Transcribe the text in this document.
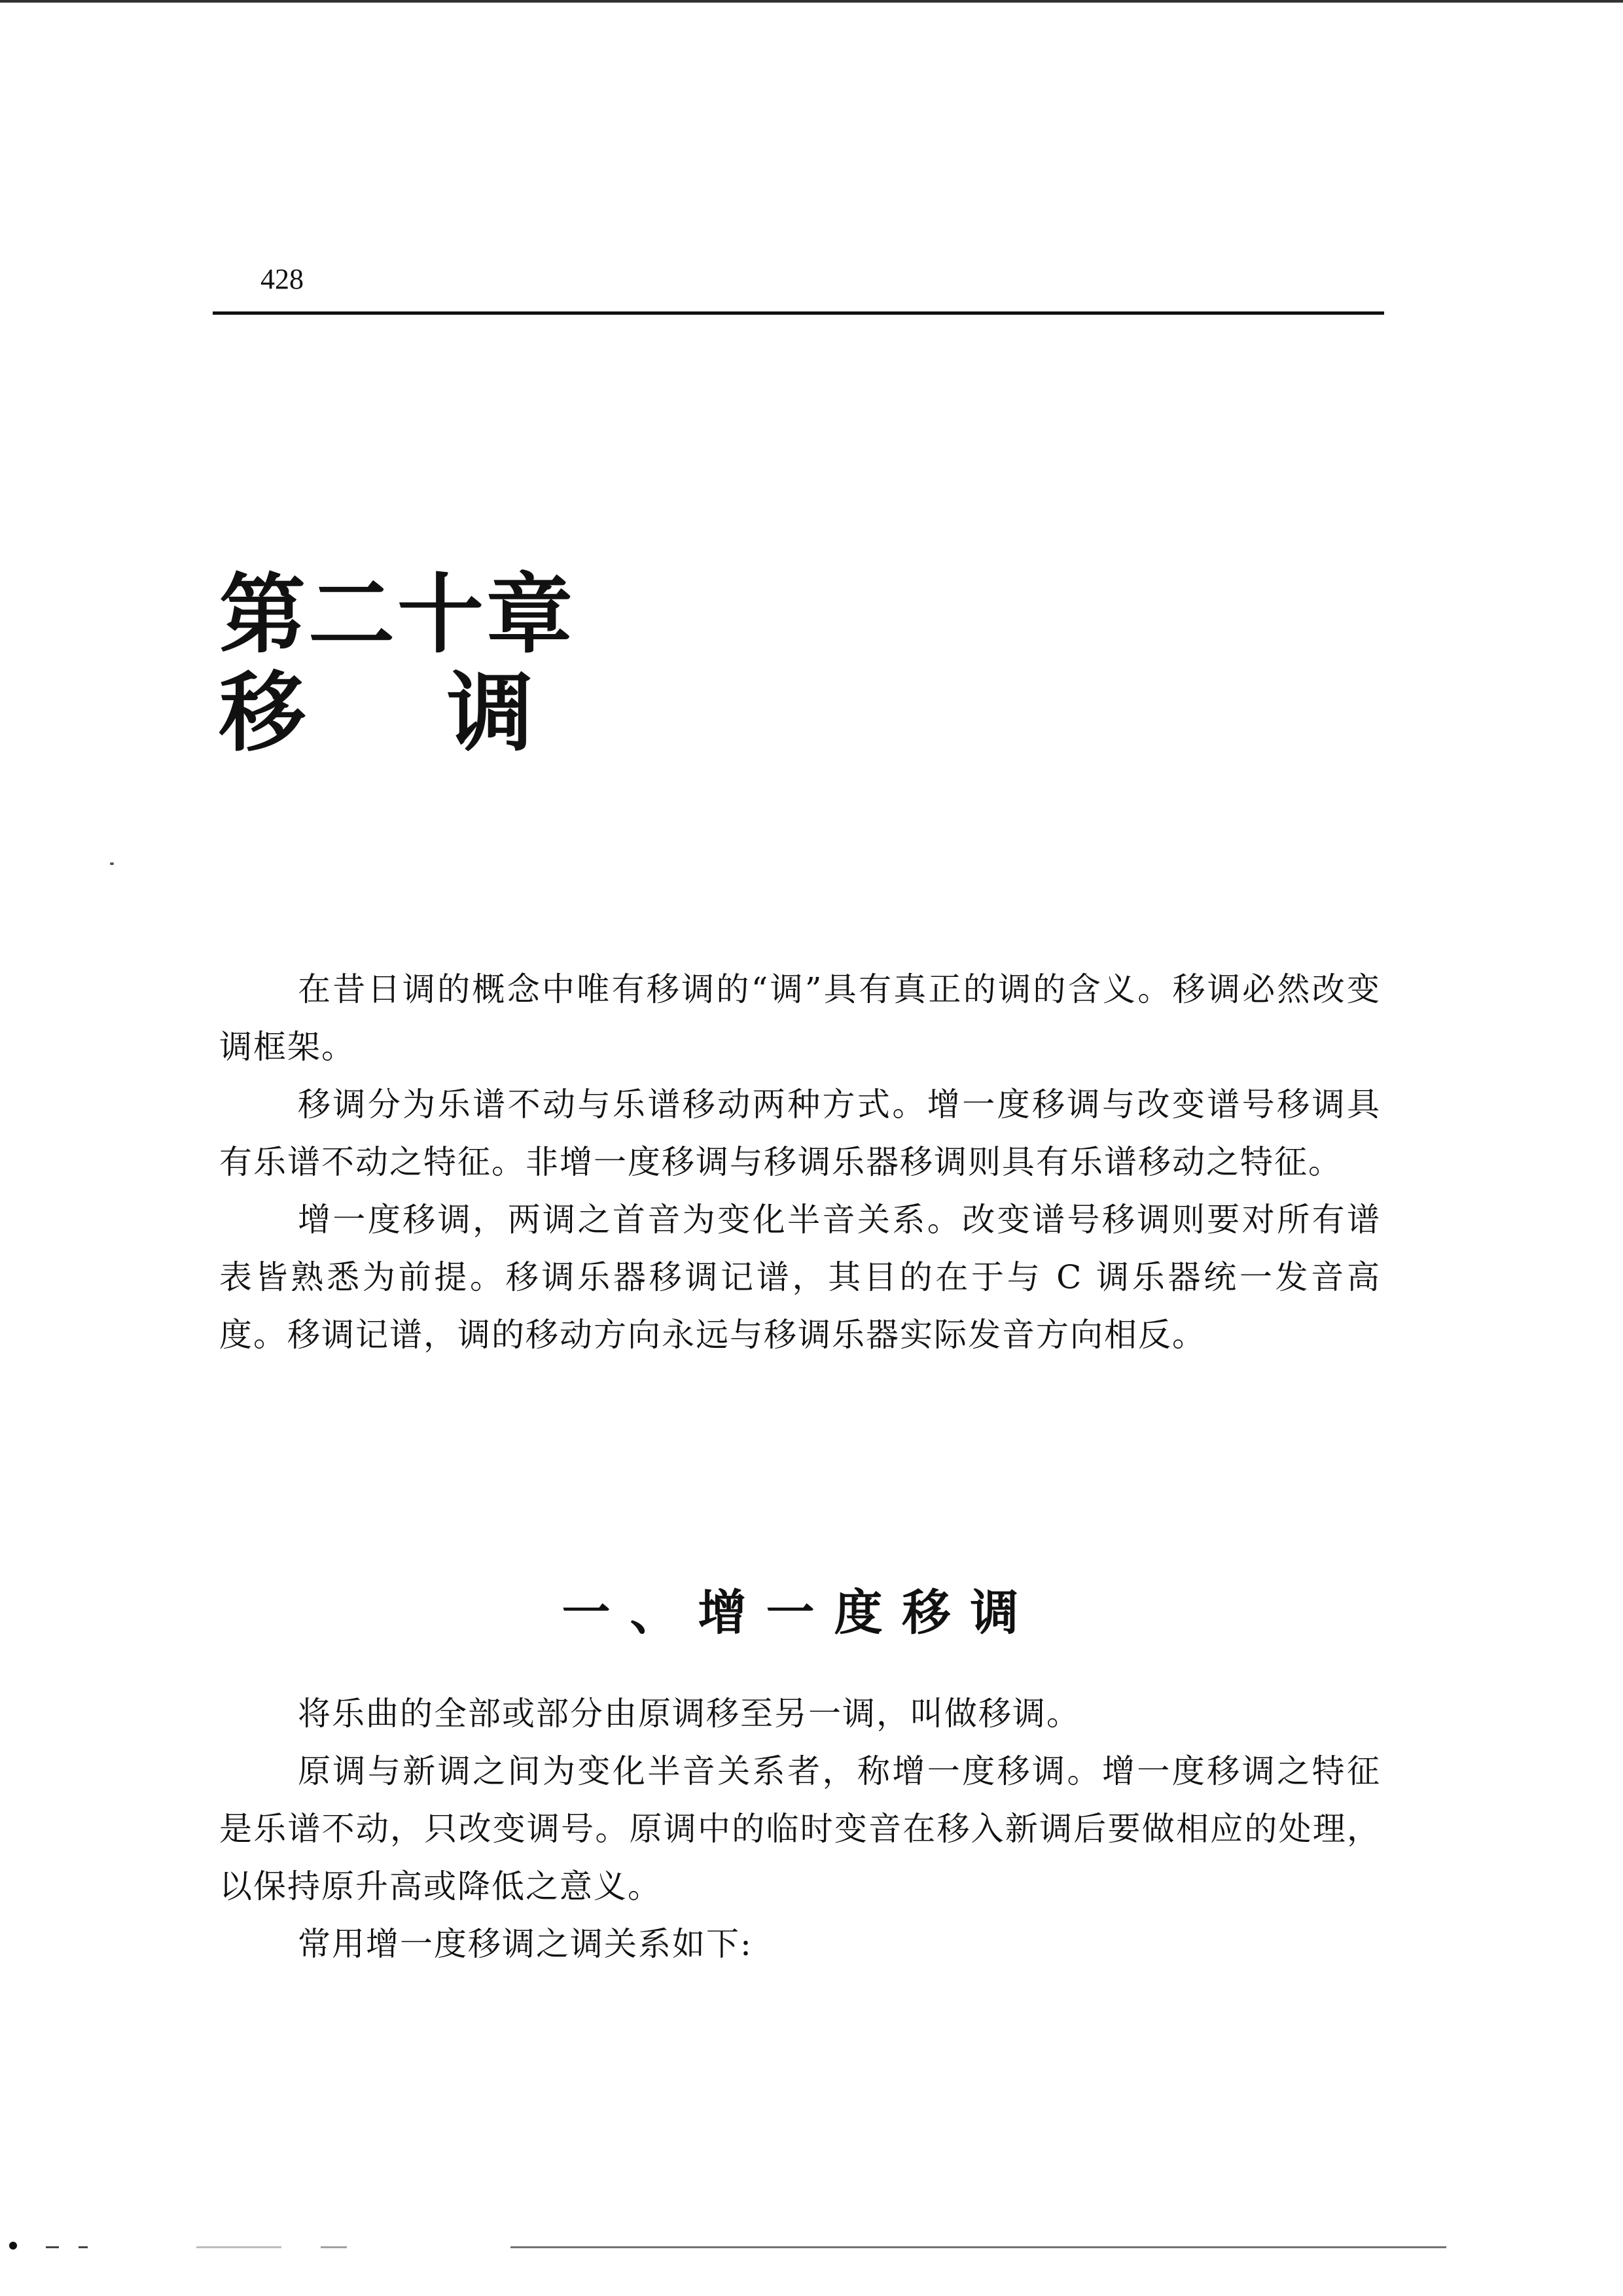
428
第二十章
移调

在昔日调的概念中唯有移调的“调”具有真正的调的含义。移调必然改变调框架。

移调分为乐谱不动与乐谱移动两种方式。增一度移调与改变谱号移调具有乐谱不动之特征。非增一度移调与移调乐器移调则具有乐谱移动之特征。

增一度移调，两调之首音为变化半音关系。改变谱号移调则要对所有谱表皆熟悉为前提。移调乐器移调记谱，其目的在于与 C 调乐器统一发音高度。移调记谱，调的移动方向永远与移调乐器实际发音方向相反。

一、增一度移调

将乐曲的全部或部分由原调移至另一调，叫做移调。

原调与新调之间为变化半音关系者，称增一度移调。增一度移调之特征是乐谱不动，只改变调号。原调中的临时变音在移入新调后要做相应的处理，以保持原升高或降低之意义。

常用增一度移调之调关系如下:
